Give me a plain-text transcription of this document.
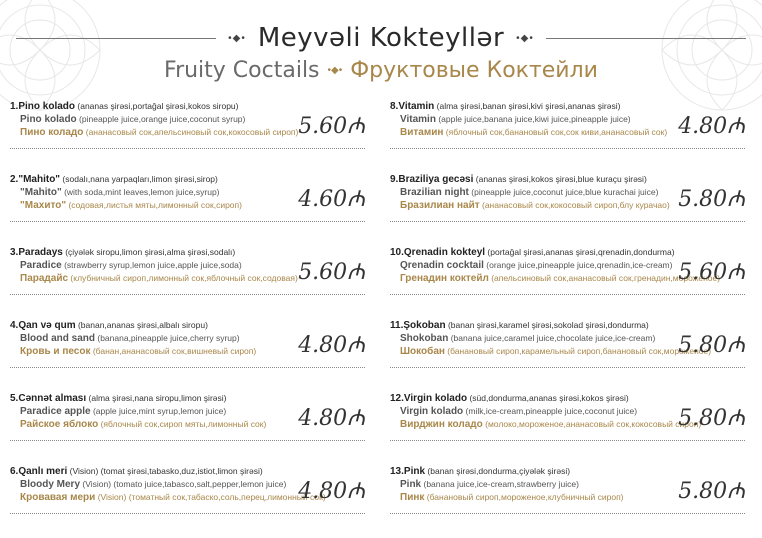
•◆• Meyvəli Kokteyllər •◆•
Fruity Coctails •◆• Фруктовые Коктейли
1.Pino kolado (ananas şirəsi,portağal şirəsi,kokos siropu)
Pino kolado (pineapple juice,orange juice,coconut syrup)
Пино коладо (ананасовый сок,апельсиновый сок,кокосовый сироп) 5.60₼
2."Mahito" (sodalı,nana yarpaqları,limon şirəsi,sirop)
"Mahito" (with soda,mint leaves,lemon juice,syrup)
"Махито" (содовая,листья мяты,лимонный сок,сироп)	4.60₼
3.Paradays (çiyələk siropu,limon şirəsi,alma şirəsi,sodalı)
Paradice (strawberry syrup,lemon juice,apple juice,soda)
Парадайс (клубничный сироп,лимонный сок,яблочный сок,содовая) 5.60₼
4.Qan və qum (banan,ananas şirəsi,albalı siropu)
Blood and sand (banana,pineapple juice,cherry syrup)
Кровь и песок (банан,ананасовый сок,вишневый сироп)	4.80₼
5.Cənnət alması (alma şirəsi,nana siropu,limon şirəsi)
Paradice apple (apple juice,mint syrup,lemon juice)
Райское яблоко (яблочный сок,сироп мяты,лимонный сок)	4.80₼
6.Qanlı meri (Vision) (tomat şirəsi,tabasko,duz,istiot,limon şirəsi)
Bloody Mery (Vision) (tomato juice,tabasco,salt,pepper,lemon juice)
Кровавая мери (Vision) (томатный сок,табаско,соль,перец,лимонный сок)
4.80₼
8.Vitamin (alma şirəsi,banan şirəsi,kivi şirəsi,ananas şirəsi)
Vitamin (apple juice,banana juice,kiwi juice,pineapple juice)
Витамин (яблочный сок,банановый сок,сок киви,ананасовый сок) 4.80₼
9.Braziliya gecəsi (ananas şirəsi,kokos şirəsi,blue kuraçu şirəsi)
Brazilian night (pineapple juice,coconut juice,blue kurachai juice)
Бразилиан найт (ананасовый сок,кокосовый сироп,блу курачао) 5.80₼
10.Qrenadin kokteyl (portağal şirəsi,ananas şirəsi,qrenadin,dondurma)
Qrenadin cocktail (orange juice,pineapple juice,qrenadin,ice-cream)
Гренадин коктейл (апельсиновый сок,ананасовый сок,гренадин,мороженое)
5.60₼
11.Şokoban (banan şirəsi,karamel şirəsi,sokolad şirəsi,dondurma)
Shokoban (banana juice,caramel juice,chocolate juice,ice-cream)
Шокобан (банановый сироп,карамельный сироп,банановый сок,мороженое)
5.80₼
12.Virgin kolado (süd,dondurma,ananas şirəsi,kokos şirəsi)
Virgin kolado (milk,ice-cream,pineapple juice,coconut juice)
Вирджин коладо (молоко,мороженое,ананасовый сок,кокосовый сироп)
5.80₼
13.Pink (banan şirəsi,dondurma,çiyələk şirəsi)
Pink (banana juice,ice-cream,strawberry juice)
Пинк (банановый сироп,мороженое,клубничный сироп)	5.80₼
